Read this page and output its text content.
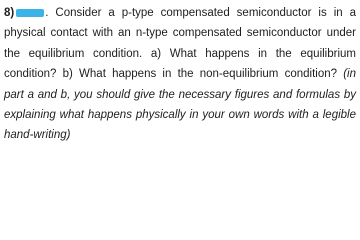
8)	. Consider a p-type compensated semiconductor is in a physical contact with an n-type compensated semiconductor under the equilibrium condition. a) What happens in the equilibrium condition? b) What happens in the non-equilibrium condition? (in part a and b, you should give the necessary figures and formulas by explaining what happens physically in your own words with a legible hand-writing)
